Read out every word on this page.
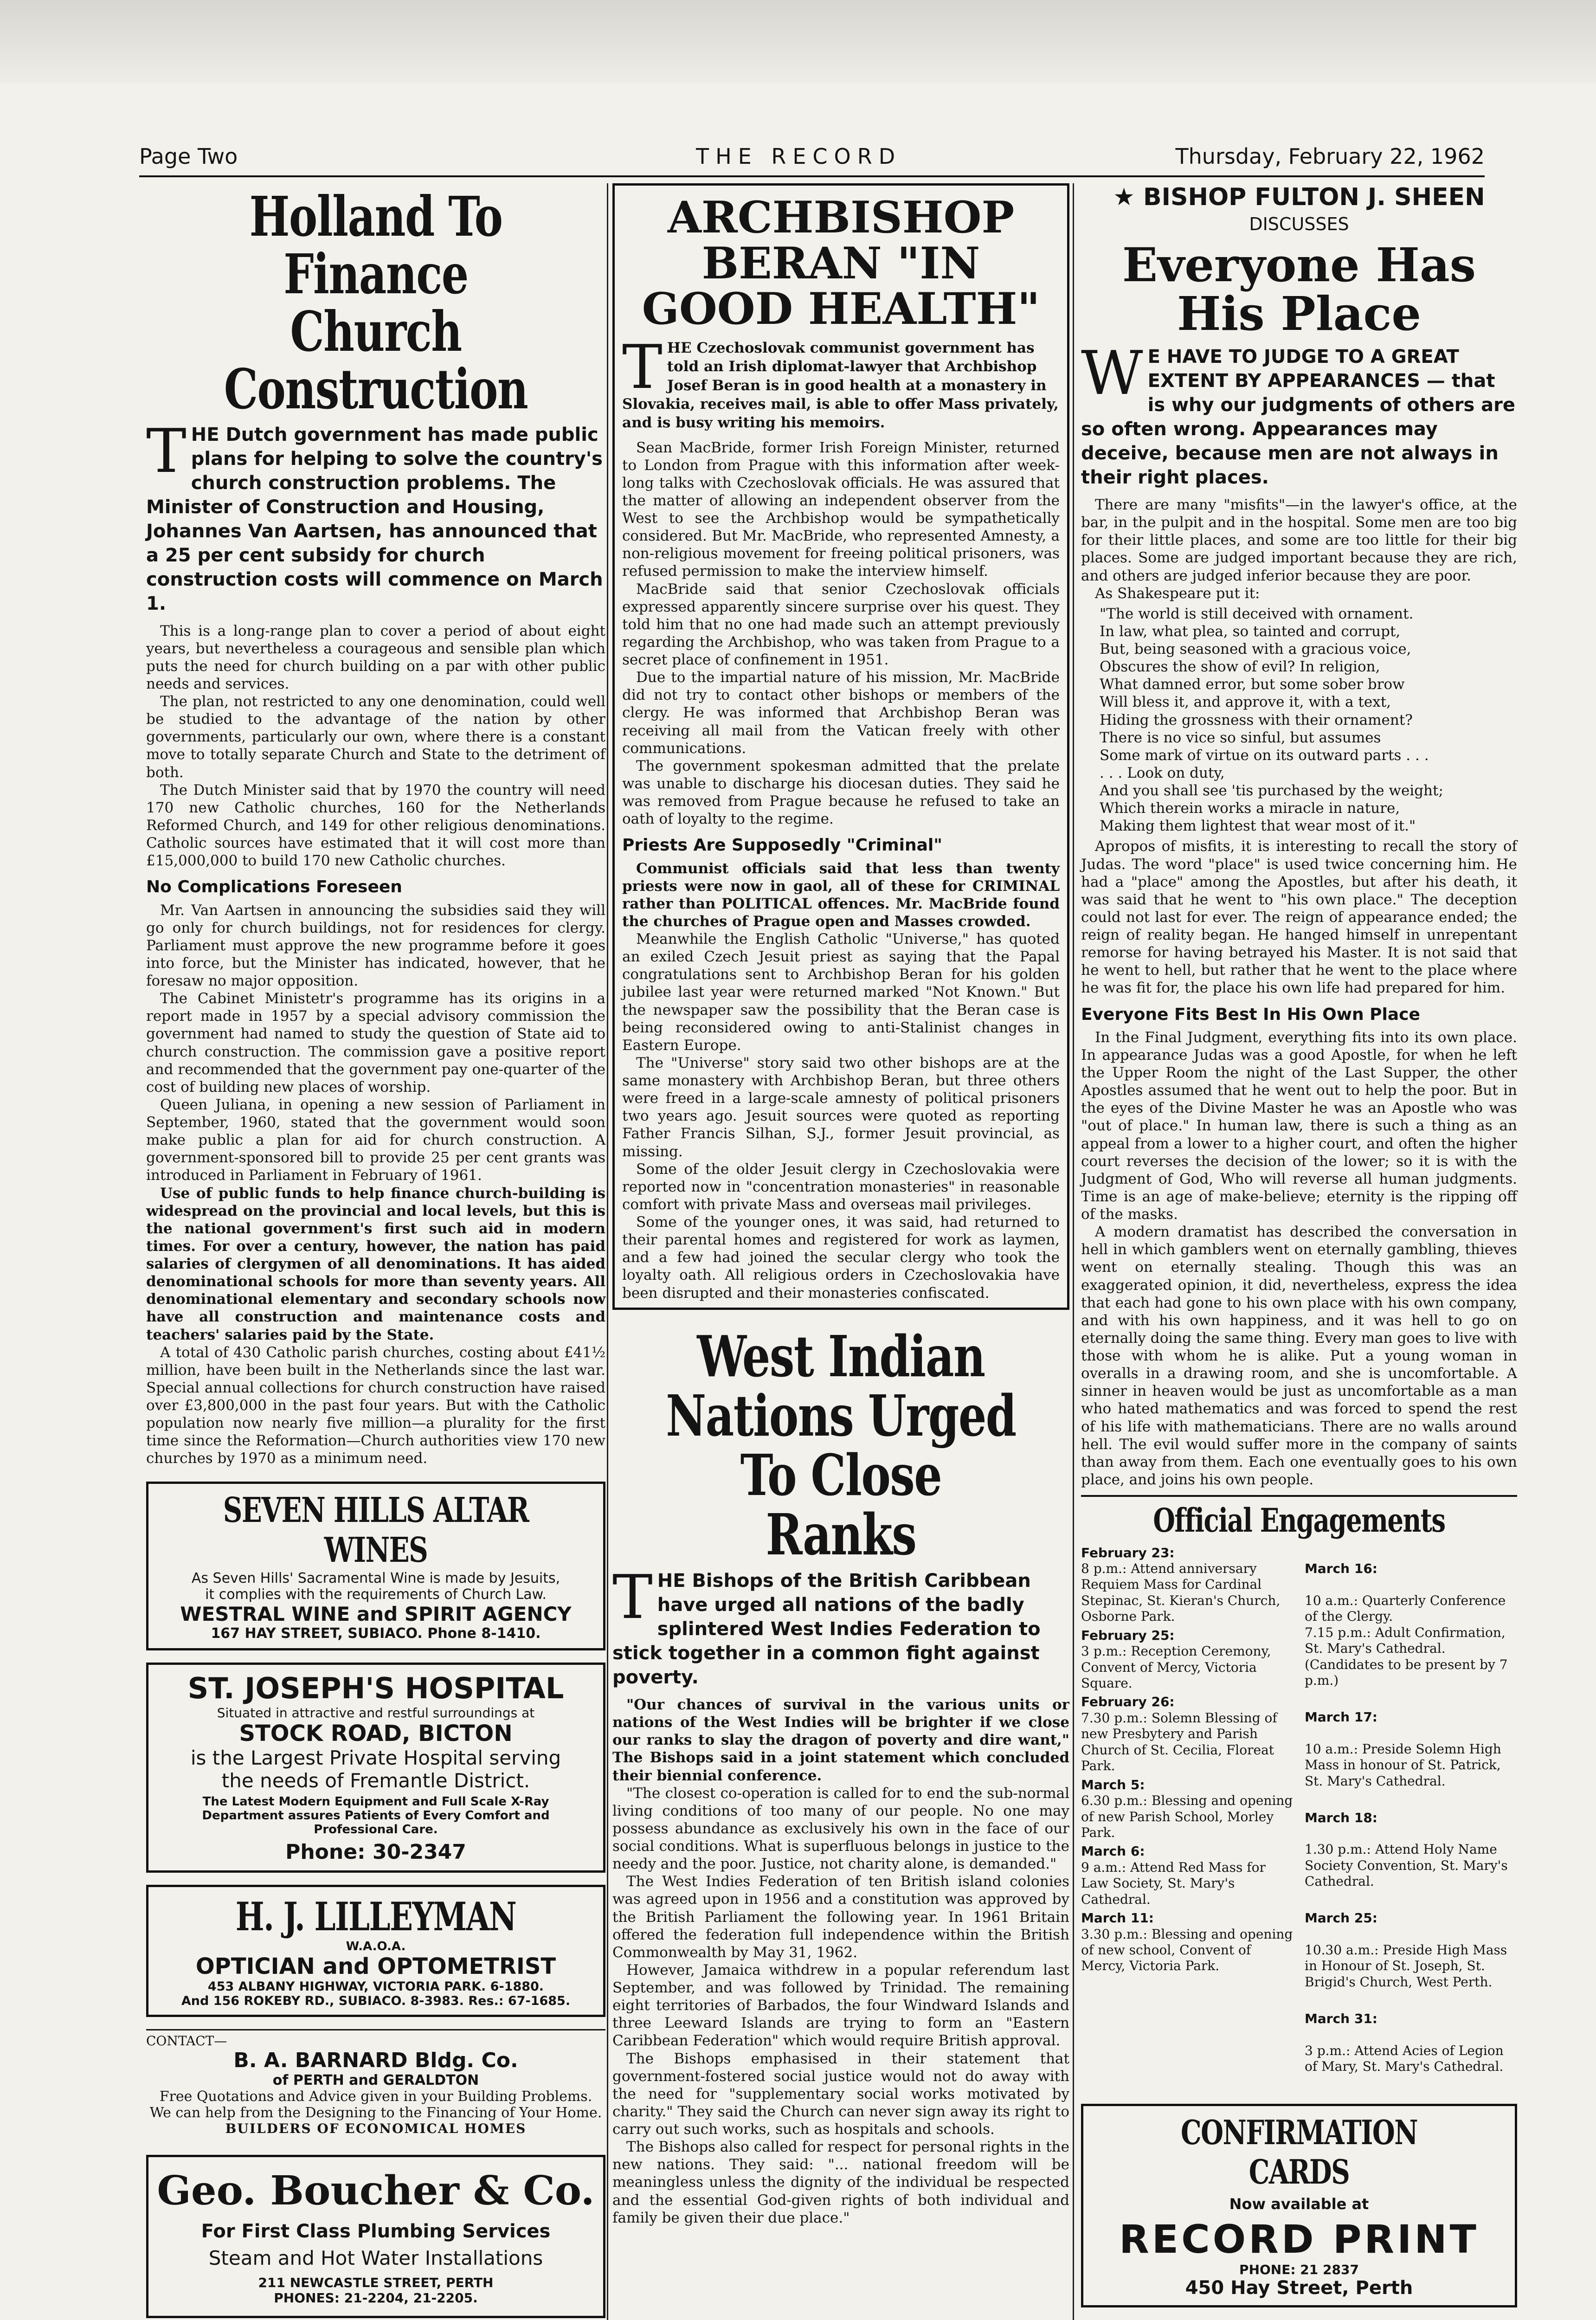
Page Two	THE RECORD	Thursday, February 22, 1962
Holland To Finance Church Construction
THE Dutch government has made public plans for helping to solve the country's church construction problems. The Minister of Construction and Housing, Johannes Van Aartsen, has announced that a 25 per cent subsidy for church construction costs will commence on March 1.

This is a long-range plan to cover a period of about eight years, but nevertheless a courageous and sensible plan which puts the need for church building on a par with other public needs and services.

The plan, not restricted to any one denomination, could well be studied to the advantage of the nation by other governments, particularly our own, where there is a constant move to totally separate Church and State to the detriment of both.

The Dutch Minister said that by 1970 the country will need 170 new Catholic churches, 160 for the Netherlands Reformed Church, and 149 for other religious denominations. Catholic sources have estimated that it will cost more than £15,000,000 to build 170 new Catholic churches.

No Complications Foreseen

Mr. Van Aartsen in announcing the subsidies said they will go only for church buildings, not for residences for clergy. Parliament must approve the new programme before it goes into force, but the Minister has indicated, however, that he foresaw no major opposition.

The Cabinet Ministetr's programme has its origins in a report made in 1957 by a special advisory commission the government had named to study the question of State aid to church construction. The commission gave a positive report and recommended that the government pay one-quarter of the cost of building new places of worship.

Queen Juliana, in opening a new session of Parliament in September, 1960, stated that the government would soon make public a plan for aid for church construction. A government-sponsored bill to provide 25 per cent grants was introduced in Parliament in February of 1961.

Use of public funds to help finance church-building is widespread on the provincial and local levels, but this is the national government's first such aid in modern times. For over a century, however, the nation has paid salaries of clergymen of all denominations. It has aided denominational schools for more than seventy years. All denominational elementary and secondary schools now have all construction and maintenance costs and teachers' salaries paid by the State.

A total of 430 Catholic parish churches, costing about £41½ million, have been built in the Netherlands since the last war. Special annual collections for church construction have raised over £3,800,000 in the past four years. But with the Catholic population now nearly five million—a plurality for the first time since the Reformation—Church authorities view 170 new churches by 1970 as a minimum need.

SEVEN HILLS ALTAR WINES
As Seven Hills' Sacramental Wine is made by Jesuits,
it complies with the requirements of Church Law.
WESTRAL WINE and SPIRIT AGENCY
167 HAY STREET, SUBIACO. Phone 8-1410.
ST. JOSEPH'S HOSPITAL
Situated in attractive and restful surroundings at
STOCK ROAD, BICTON
is the Largest Private Hospital serving
the needs of Fremantle District.
The Latest Modern Equipment and Full Scale X-Ray
Department assures Patients of Every Comfort and
Professional Care.
Phone: 30-2347
H. J. LILLEYMAN
W.A.O.A.
OPTICIAN and OPTOMETRIST
453 ALBANY HIGHWAY, VICTORIA PARK. 6-1880.
And 156 ROKEBY RD., SUBIACO. 8-3983. Res.: 67-1685.
CONTACT—
B. A. BARNARD Bldg. Co.
of PERTH and GERALDTON
Free Quotations and Advice given in your Building Problems.
We can help from the Designing to the Financing of Your Home.
BUILDERS OF ECONOMICAL HOMES
Geo. Boucher & Co.
For First Class Plumbing Services
Steam and Hot Water Installations
211 NEWCASTLE STREET, PERTH
PHONES: 21-2204, 21-2205.
ARCHBISHOP BERAN "IN GOOD HEALTH"
THE Czechoslovak communist government has told an Irish diplomat-lawyer that Archbishop Josef Beran is in good health at a monastery in Slovakia, receives mail, is able to offer Mass privately, and is busy writing his memoirs.

Sean MacBride, former Irish Foreign Minister, returned to London from Prague with this information after week-long talks with Czechoslovak officials. He was assured that the matter of allowing an independent observer from the West to see the Archbishop would be sympathetically considered. But Mr. MacBride, who represented Amnesty, a non-religious movement for freeing political prisoners, was refused permission to make the interview himself.

MacBride said that senior Czechoslovak officials expressed apparently sincere surprise over his quest. They told him that no one had made such an attempt previously regarding the Archbishop, who was taken from Prague to a secret place of confinement in 1951.

Due to the impartial nature of his mission, Mr. MacBride did not try to contact other bishops or members of the clergy. He was informed that Archbishop Beran was receiving all mail from the Vatican freely with other communications.

The government spokesman admitted that the prelate was unable to discharge his diocesan duties. They said he was removed from Prague because he refused to take an oath of loyalty to the regime.

Priests Are Supposedly "Criminal"

Communist officials said that less than twenty priests were now in gaol, all of these for CRIMINAL rather than POLITICAL offences. Mr. MacBride found the churches of Prague open and Masses crowded.

Meanwhile the English Catholic "Universe," has quoted an exiled Czech Jesuit priest as saying that the Papal congratulations sent to Archbishop Beran for his golden jubilee last year were returned marked "Not Known." But the newspaper saw the possibility that the Beran case is being reconsidered owing to anti-Stalinist changes in Eastern Europe.

The "Universe" story said two other bishops are at the same monastery with Archbishop Beran, but three others were freed in a large-scale amnesty of political prisoners two years ago. Jesuit sources were quoted as reporting Father Francis Silhan, S.J., former Jesuit provincial, as missing.

Some of the older Jesuit clergy in Czechoslovakia were reported now in "concentration monasteries" in reasonable comfort with private Mass and overseas mail privileges.

Some of the younger ones, it was said, had returned to their parental homes and registered for work as laymen, and a few had joined the secular clergy who took the loyalty oath. All religious orders in Czechoslovakia have been disrupted and their monasteries confiscated.

West Indian Nations Urged To Close Ranks
THE Bishops of the British Caribbean have urged all nations of the badly splintered West Indies Federation to stick together in a common fight against poverty.

"Our chances of survival in the various units or nations of the West Indies will be brighter if we close our ranks to slay the dragon of poverty and dire want," The Bishops said in a joint statement which concluded their biennial conference.

"The closest co-operation is called for to end the sub-normal living conditions of too many of our people. No one may possess abundance as exclusively his own in the face of our social conditions. What is superfluous belongs in justice to the needy and the poor. Justice, not charity alone, is demanded."

The West Indies Federation of ten British island colonies was agreed upon in 1956 and a constitution was approved by the British Parliament the following year. In 1961 Britain offered the federation full independence within the British Commonwealth by May 31, 1962.

However, Jamaica withdrew in a popular referendum last September, and was followed by Trinidad. The remaining eight territories of Barbados, the four Windward Islands and three Leeward Islands are trying to form an "Eastern Caribbean Federation" which would require British approval.

The Bishops emphasised in their statement that government-fostered social justice would not do away with the need for "supplementary social works motivated by charity." They said the Church can never sign away its right to carry out such works, such as hospitals and schools.

The Bishops also called for respect for personal rights in the new nations. They said: "... national freedom will be meaningless unless the dignity of the individual be respected and the essential God-given rights of both individual and family be given their due place."

★ BISHOP FULTON J. SHEEN
DISCUSSES
Everyone Has His Place
W E HAVE TO JUDGE TO A GREAT EXTENT BY APPEARANCES — that is why our judgments of others are so often wrong. Appearances may deceive, because men are not always in their right places.

There are many "misfits"—in the lawyer's office, at the bar, in the pulpit and in the hospital. Some men are too big for their little places, and some are too little for their big places. Some are judged important because they are rich, and others are judged inferior because they are poor.

As Shakespeare put it:

"The world is still deceived with ornament.
In law, what plea, so tainted and corrupt,
But, being seasoned with a gracious voice,
Obscures the show of evil? In religion,
What damned error, but some sober brow
Will bless it, and approve it, with a text,
Hiding the grossness with their ornament?
There is no vice so sinful, but assumes
Some mark of virtue on its outward parts . . .
. . . Look on duty,
And you shall see 'tis purchased by the weight;
Which therein works a miracle in nature,
Making them lightest that wear most of it."

Apropos of misfits, it is interesting to recall the story of Judas. The word "place" is used twice concerning him. He had a "place" among the Apostles, but after his death, it was said that he went to "his own place." The deception could not last for ever. The reign of appearance ended; the reign of reality began. He hanged himself in unrepentant remorse for having betrayed his Master. It is not said that he went to hell, but rather that he went to the place where he was fit for, the place his own life had prepared for him.

Everyone Fits Best In His Own Place

In the Final Judgment, everything fits into its own place. In appearance Judas was a good Apostle, for when he left the Upper Room the night of the Last Supper, the other Apostles assumed that he went out to help the poor. But in the eyes of the Divine Master he was an Apostle who was "out of place." In human law, there is such a thing as an appeal from a lower to a higher court, and often the higher court reverses the decision of the lower; so it is with the Judgment of God, Who will reverse all human judgments. Time is an age of make-believe; eternity is the ripping off of the masks.

A modern dramatist has described the conversation in hell in which gamblers went on eternally gambling, thieves went on eternally stealing. Though this was an exaggerated opinion, it did, nevertheless, express the idea that each had gone to his own place with his own company, and with his own happiness, and it was hell to go on eternally doing the same thing. Every man goes to live with those with whom he is alike. Put a young woman in overalls in a drawing room, and she is uncomfortable. A sinner in heaven would be just as uncomfortable as a man who hated mathematics and was forced to spend the rest of his life with mathematicians. There are no walls around hell. The evil would suffer more in the company of saints than away from them. Each one eventually goes to his own place, and joins his own people.

Official Engagements
February 23:
8 p.m.: Attend anniversary Requiem Mass for Cardinal Stepinac, St. Kieran's Church, Osborne Park.
February 25:
3 p.m.: Reception Ceremony, Convent of Mercy, Victoria Square.
February 26:
7.30 p.m.: Solemn Blessing of new Presbytery and Parish Church of St. Cecilia, Floreat Park.
March 5:
6.30 p.m.: Blessing and opening of new Parish School, Morley Park.
March 6:
9 a.m.: Attend Red Mass for Law Society, St. Mary's Cathedral.
March 11:
3.30 p.m.: Blessing and opening of new school, Convent of Mercy, Victoria Park.

March 16:

10 a.m.: Quarterly Conference of the Clergy.
7.15 p.m.: Adult Confirmation, St. Mary's Cathedral. (Candidates to be present by 7 p.m.)

March 17:

10 a.m.: Preside Solemn High Mass in honour of St. Patrick, St. Mary's Cathedral.

March 18:

1.30 p.m.: Attend Holy Name Society Convention, St. Mary's Cathedral.

March 25:

10.30 a.m.: Preside High Mass in Honour of St. Joseph, St. Brigid's Church, West Perth.

March 31:

3 p.m.: Attend Acies of Legion of Mary, St. Mary's Cathedral.

CONFIRMATION CARDS
Now available at
RECORD PRINT
PHONE: 21 2837
450 Hay Street, Perth
